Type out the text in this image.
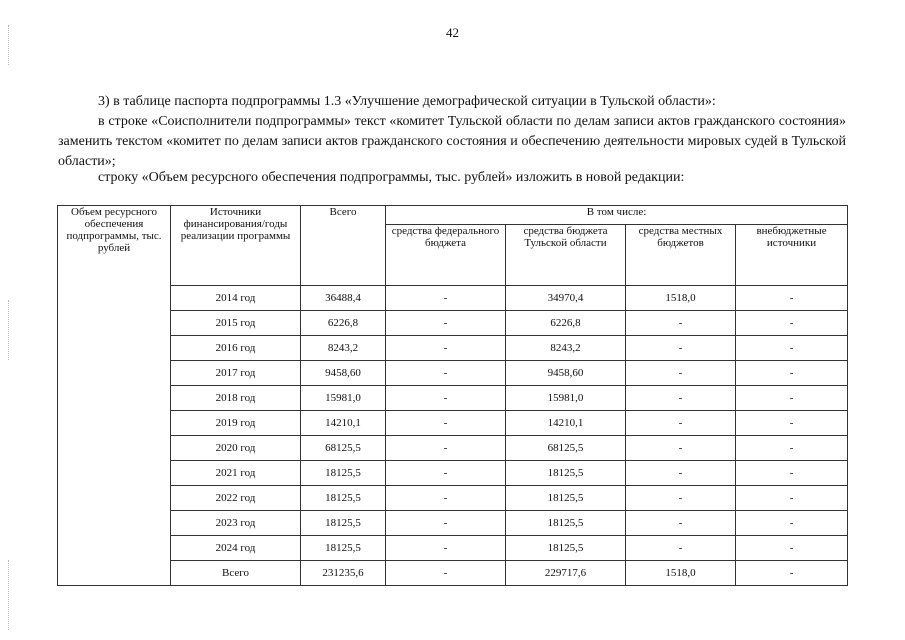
42
3) в таблице паспорта подпрограммы 1.3 «Улучшение демографической ситуации в Тульской области»:
в строке «Соисполнители подпрограммы» текст «комитет Тульской области по делам записи актов гражданского состояния» заменить текстом «комитет по делам записи актов гражданского состояния и обеспечению деятельности мировых судей в Тульской области»;
строку «Объем ресурсного обеспечения подпрограммы, тыс. рублей» изложить в новой редакции:
Объем ресурсного обеспечения подпрограммы, тыс. рублей	Источники финансирования/годы реализации программы	Всего	В том числе:			
			средства федерального бюджета	средства бюджета Тульской области	средства местных бюджетов	внебюджетные источники
	2014 год	36488,4	-	34970,4	1518,0	-
	2015 год	6226,8	-	6226,8	-	-
	2016 год	8243,2	-	8243,2	-	-
	2017 год	9458,60	-	9458,60	-	-
	2018 год	15981,0	-	15981,0	-	-
	2019 год	14210,1	-	14210,1	-	-
	2020 год	68125,5	-	68125,5	-	-
	2021 год	18125,5	-	18125,5	-	-
	2022 год	18125,5	-	18125,5	-	-
	2023 год	18125,5	-	18125,5	-	-
	2024 год	18125,5	-	18125,5	-	-
	Всего	231235,6	-	229717,6	1518,0	-
